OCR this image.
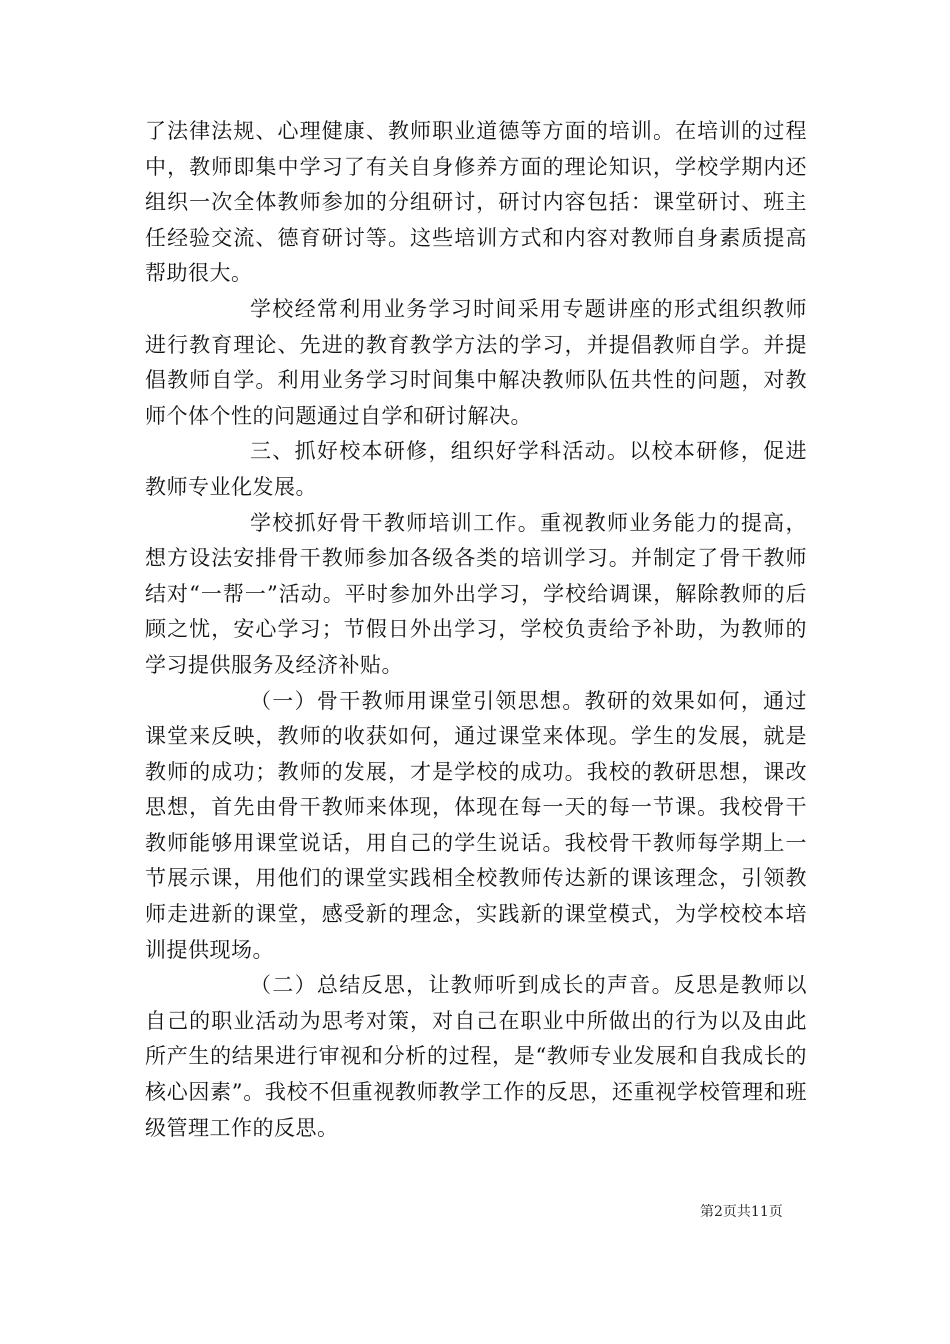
了法律法规、心理健康、教师职业道德等方面的培训。在培训的过程中，教师即集中学习了有关自身修养方面的理论知识，学校学期内还组织一次全体教师参加的分组研讨，研讨内容包括：课堂研讨、班主任经验交流、德育研讨等。这些培训方式和内容对教师自身素质提高帮助很大。

学校经常利用业务学习时间采用专题讲座的形式组织教师进行教育理论、先进的教育教学方法的学习，并提倡教师自学。并提倡教师自学。利用业务学习时间集中解决教师队伍共性的问题，对教师个体个性的问题通过自学和研讨解决。

三、抓好校本研修，组织好学科活动。以校本研修，促进教师专业化发展。

学校抓好骨干教师培训工作。重视教师业务能力的提高，想方设法安排骨干教师参加各级各类的培训学习。并制定了骨干教师结对“一帮一”活动。平时参加外出学习，学校给调课，解除教师的后顾之忧，安心学习；节假日外出学习，学校负责给予补助，为教师的学习提供服务及经济补贴。

（一）骨干教师用课堂引领思想。教研的效果如何，通过课堂来反映，教师的收获如何，通过课堂来体现。学生的发展，就是教师的成功；教师的发展，才是学校的成功。我校的教研思想，课改思想，首先由骨干教师来体现，体现在每一天的每一节课。我校骨干教师能够用课堂说话，用自己的学生说话。我校骨干教师每学期上一节展示课，用他们的课堂实践相全校教师传达新的课该理念，引领教师走进新的课堂，感受新的理念，实践新的课堂模式，为学校校本培训提供现场。

（二）总结反思，让教师听到成长的声音。反思是教师以自己的职业活动为思考对策，对自己在职业中所做出的行为以及由此所产生的结果进行审视和分析的过程，是“教师专业发展和自我成长的核心因素”。我校不但重视教师教学工作的反思，还重视学校管理和班级管理工作的反思。

第2页共11页
